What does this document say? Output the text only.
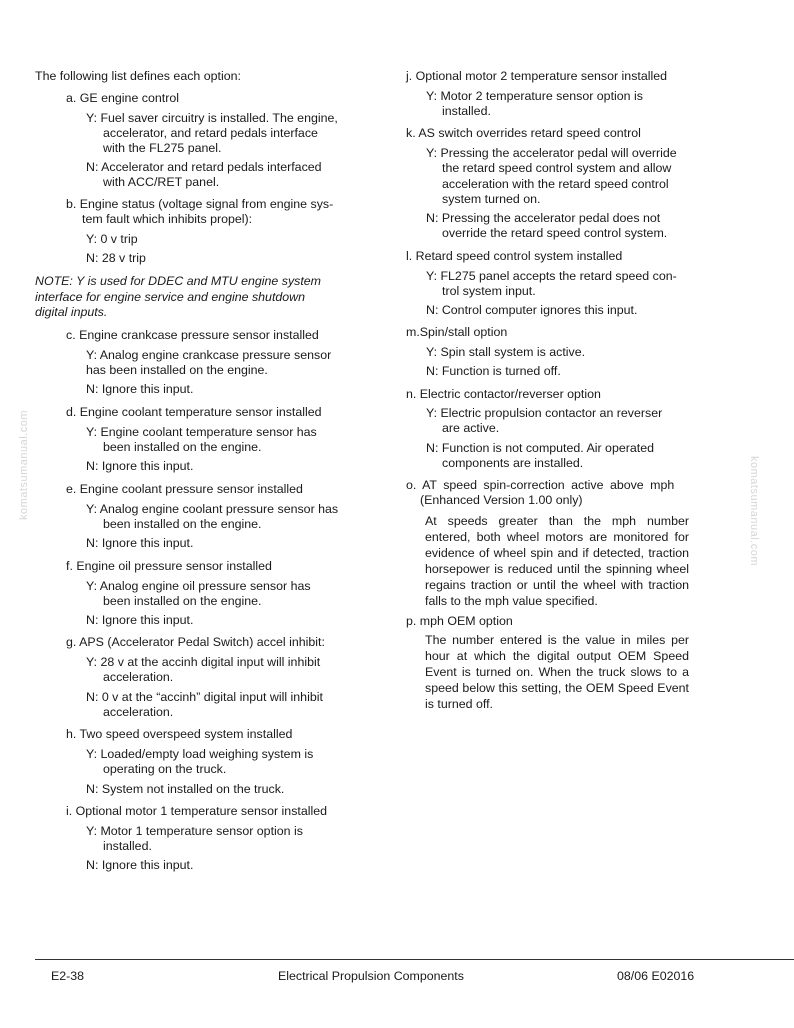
The following list defines each option:

a. GE engine control

Y: Fuel saver circuitry is installed. The engine,

accelerator, and retard pedals interface

with the FL275 panel.

N: Accelerator and retard pedals interfaced

with ACC/RET panel.

b. Engine status (voltage signal from engine sys-

tem fault which inhibits propel):

Y: 0 v trip

N: 28 v trip

NOTE: Y is used for DDEC and MTU engine system

interface for engine service and engine shutdown

digital inputs.

c. Engine crankcase pressure sensor installed

Y: Analog engine crankcase pressure sensor

has been installed on the engine.

N: Ignore this input.

d. Engine coolant temperature sensor installed

Y: Engine coolant temperature sensor has

been installed on the engine.

N: Ignore this input.

e. Engine coolant pressure sensor installed

Y: Analog engine coolant pressure sensor has

been installed on the engine.

N: Ignore this input.

f. Engine oil pressure sensor installed

Y: Analog engine oil pressure sensor has

been installed on the engine.

N: Ignore this input.

g. APS (Accelerator Pedal Switch) accel inhibit:

Y: 28 v at the accinh digital input will inhibit

acceleration.

N: 0 v at the “accinh” digital input will inhibit

acceleration.

h. Two speed overspeed system installed

Y: Loaded/empty load weighing system is

operating on the truck.

N: System not installed on the truck.

i. Optional motor 1 temperature sensor installed

Y: Motor 1 temperature sensor option is

installed.

N: Ignore this input.

j. Optional motor 2 temperature sensor installed

Y: Motor 2 temperature sensor option is

installed.

k. AS switch overrides retard speed control

Y: Pressing the accelerator pedal will override

the retard speed control system and allow

acceleration with the retard speed control

system turned on.

N: Pressing the accelerator pedal does not

override the retard speed control system.

l. Retard speed control system installed

Y: FL275 panel accepts the retard speed con-

trol system input.

N: Control computer ignores this input.

m.Spin/stall option

Y: Spin stall system is active.

N: Function is turned off.

n. Electric contactor/reverser option

Y: Electric propulsion contactor an reverser

are active.

N: Function is not computed. Air operated

components are installed.

o. AT speed spin-correction active above mph

(Enhanced Version 1.00 only)

At speeds greater than the mph number entered, both wheel motors are monitored for evidence of wheel spin and if detected, traction horsepower is reduced until the spinning wheel regains traction or until the wheel with traction falls to the mph value specified.

p. mph OEM option

The number entered is the value in miles per hour at which the digital output OEM Speed Event is turned on. When the truck slows to a speed below this setting, the OEM Speed Event is turned off.

komatsumanual.com	komatsumanual.com
E2-38	Electrical Propulsion Components	08/06 E02016
